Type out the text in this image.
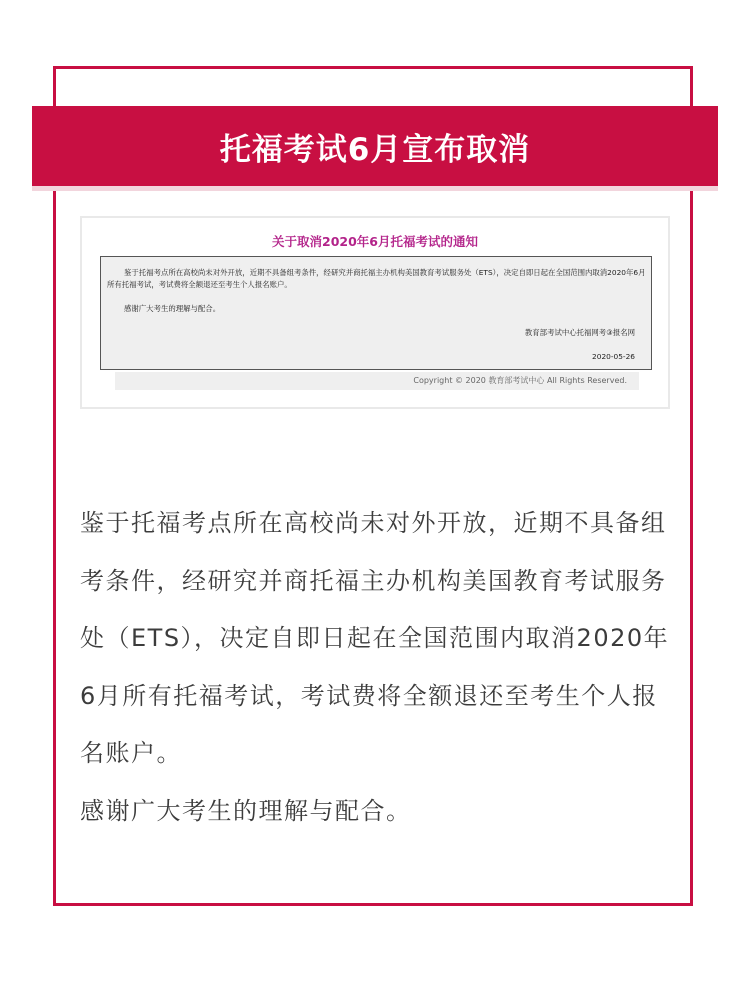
托福考试6月宣布取消
关于取消2020年6月托福考试的通知
鉴于托福考点所在高校尚未对外开放，近期不具备组考条件，经研究并商托福主办机构美国教育考试服务处（ETS），决定自即日起在全国范围内取消2020年6月所有托福考试，考试费将全额退还至考生个人报名账户。
感谢广大考生的理解与配合。
教育部考试中心托福网考③报名网
2020-05-26
Copyright © 2020 教育部考试中心 All Rights Reserved.

鉴于托福考点所在高校尚未对外开放，近期不具备组考条件，经研究并商托福主办机构美国教育考试服务处（ETS），决定自即日起在全国范围内取消2020年6月所有托福考试，考试费将全额退还至考生个人报名账户。

感谢广大考生的理解与配合。
